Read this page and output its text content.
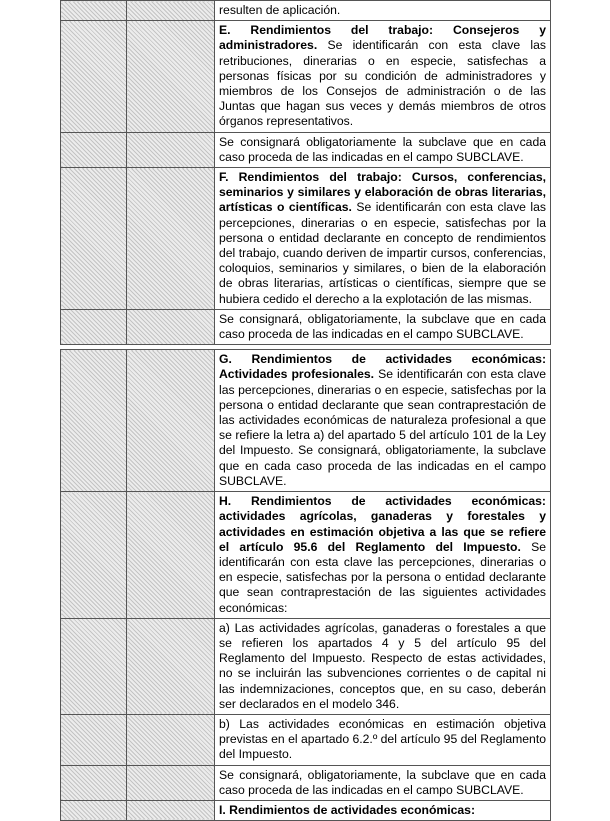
		resulten de aplicación.
		E. Rendimientos del trabajo: Consejeros y administradores. Se identificarán con esta clave las retribuciones, dinerarias o en especie, satisfechas a personas físicas por su condición de administradores y miembros de los Consejos de administración o de las Juntas que hagan sus veces y demás miembros de otros órganos representativos.
		Se consignará obligatoriamente la subclave que en cada caso proceda de las indicadas en el campo SUBCLAVE.
		F. Rendimientos del trabajo: Cursos, conferencias, seminarios y similares y elaboración de obras literarias, artísticas o científicas. Se identificarán con esta clave las percepciones, dinerarias o en especie, satisfechas por la persona o entidad declarante en concepto de rendimientos del trabajo, cuando deriven de impartir cursos, conferencias, coloquios, seminarios y similares, o bien de la elaboración de obras literarias, artísticas o científicas, siempre que se hubiera cedido el derecho a la explotación de las mismas.
		Se consignará, obligatoriamente, la subclave que en cada caso proceda de las indicadas en el campo SUBCLAVE.

		G. Rendimientos de actividades económicas: Actividades profesionales. Se identificarán con esta clave las percepciones, dinerarias o en especie, satisfechas por la persona o entidad declarante que sean contraprestación de las actividades económicas de naturaleza profesional a que se refiere la letra a) del apartado 5 del artículo 101 de la Ley del Impuesto. Se consignará, obligatoriamente, la subclave que en cada caso proceda de las indicadas en el campo SUBCLAVE.
		H. Rendimientos de actividades económicas: actividades agrícolas, ganaderas y forestales y actividades en estimación objetiva a las que se refiere el artículo 95.6 del Reglamento del Impuesto. Se identificarán con esta clave las percepciones, dinerarias o en especie, satisfechas por la persona o entidad declarante que sean contraprestación de las siguientes actividades económicas:
		a) Las actividades agrícolas, ganaderas o forestales a que se refieren los apartados 4 y 5 del artículo 95 del Reglamento del Impuesto. Respecto de estas actividades, no se incluirán las subvenciones corrientes o de capital ni las indemnizaciones, conceptos que, en su caso, deberán ser declarados en el modelo 346.
		b) Las actividades económicas en estimación objetiva previstas en el apartado 6.2.º del artículo 95 del Reglamento del Impuesto.
		Se consignará, obligatoriamente, la subclave que en cada caso proceda de las indicadas en el campo SUBCLAVE.
		I. Rendimientos de actividades económicas:
